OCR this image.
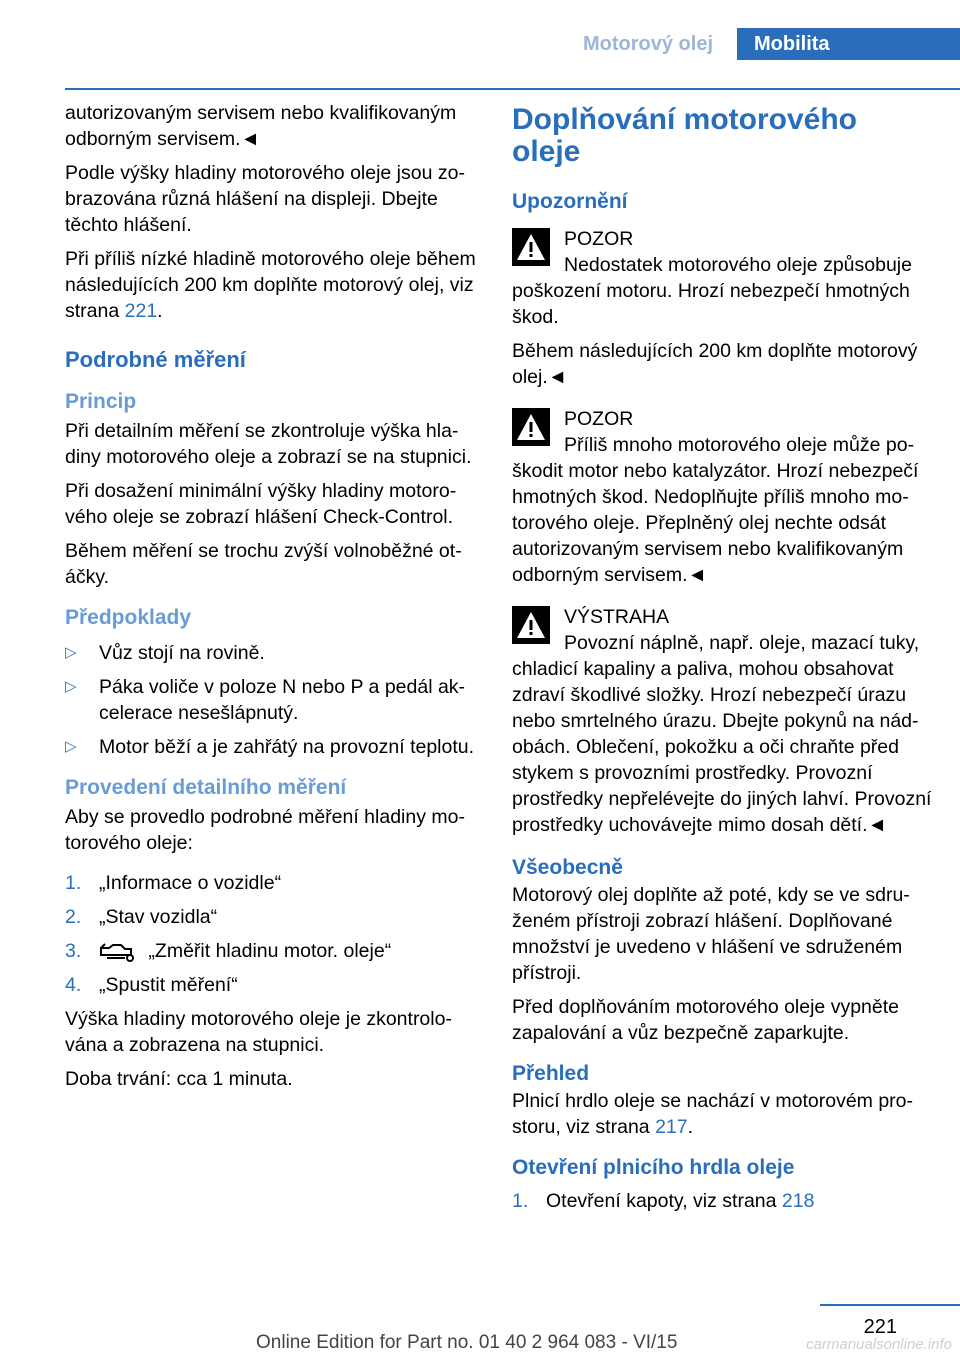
Motorový olej	Mobilita

autorizovaným servisem nebo kvalifikovaným odborným servisem.◄

Podle výšky hladiny motorového oleje jsou zobrazována různá hlášení na displeji. Dbejte těchto hlášení.

Při příliš nízké hladině motorového oleje během následujících 200 km doplňte motorový olej, viz strana 221.

Podrobné měření
Princip

Při detailním měření se zkontroluje výška hladiny motorového oleje a zobrazí se na stupnici.

Při dosažení minimální výšky hladiny motorového oleje se zobrazí hlášení Check-Control.

Během měření se trochu zvýší volnoběžné otáčky.

Předpoklady
▷ Vůz stojí na rovině.
▷ Páka voliče v poloze N nebo P a pedál akcelerace nesešlápnutý.
▷ Motor běží a je zahřátý na provozní teplotu.
Provedení detailního měření

Aby se provedlo podrobné měření hladiny motorového oleje:

1. „Informace o vozidle“
2. „Stav vozidla“
3.	„Změřit hladinu motor. oleje“
4. „Spustit měření“

Výška hladiny motorového oleje je zkontrolována a zobrazena na stupnici.

Doba trvání: cca 1 minuta.

Doplňování motorového oleje
Upozornění
POZOR

Nedostatek motorového oleje způsobuje poškození motoru. Hrozí nebezpečí hmotných škod.

Během následujících 200 km doplňte motorový olej.◄

POZOR

Příliš mnoho motorového oleje může poškodit motor nebo katalyzátor. Hrozí nebezpečí hmotných škod. Nedoplňujte příliš mnoho motorového oleje. Přeplněný olej nechte odsát autorizovaným servisem nebo kvalifikovaným odborným servisem.◄

VÝSTRAHA

Povozní náplně, např. oleje, mazací tuky, chladicí kapaliny a paliva, mohou obsahovat zdraví škodlivé složky. Hrozí nebezpečí úrazu nebo smrtelného úrazu. Dbejte pokynů na nádobách. Oblečení, pokožku a oči chraňte před stykem s provozními prostředky. Provozní prostředky nepřelévejte do jiných lahví. Provozní prostředky uchovávejte mimo dosah dětí.◄

Všeobecně

Motorový olej doplňte až poté, kdy se ve sdruženém přístroji zobrazí hlášení. Doplňované množství je uvedeno v hlášení ve sdruženém přístroji.

Před doplňováním motorového oleje vypněte zapalování a vůz bezpečně zaparkujte.

Přehled

Plnicí hrdlo oleje se nachází v motorovém prostoru, viz strana 217.

Otevření plnicího hrdla oleje
1. Otevření kapoty, viz strana 218
221
Online Edition for Part no. 01 40 2 964 083 - VI/15	carmanualsonline.info
